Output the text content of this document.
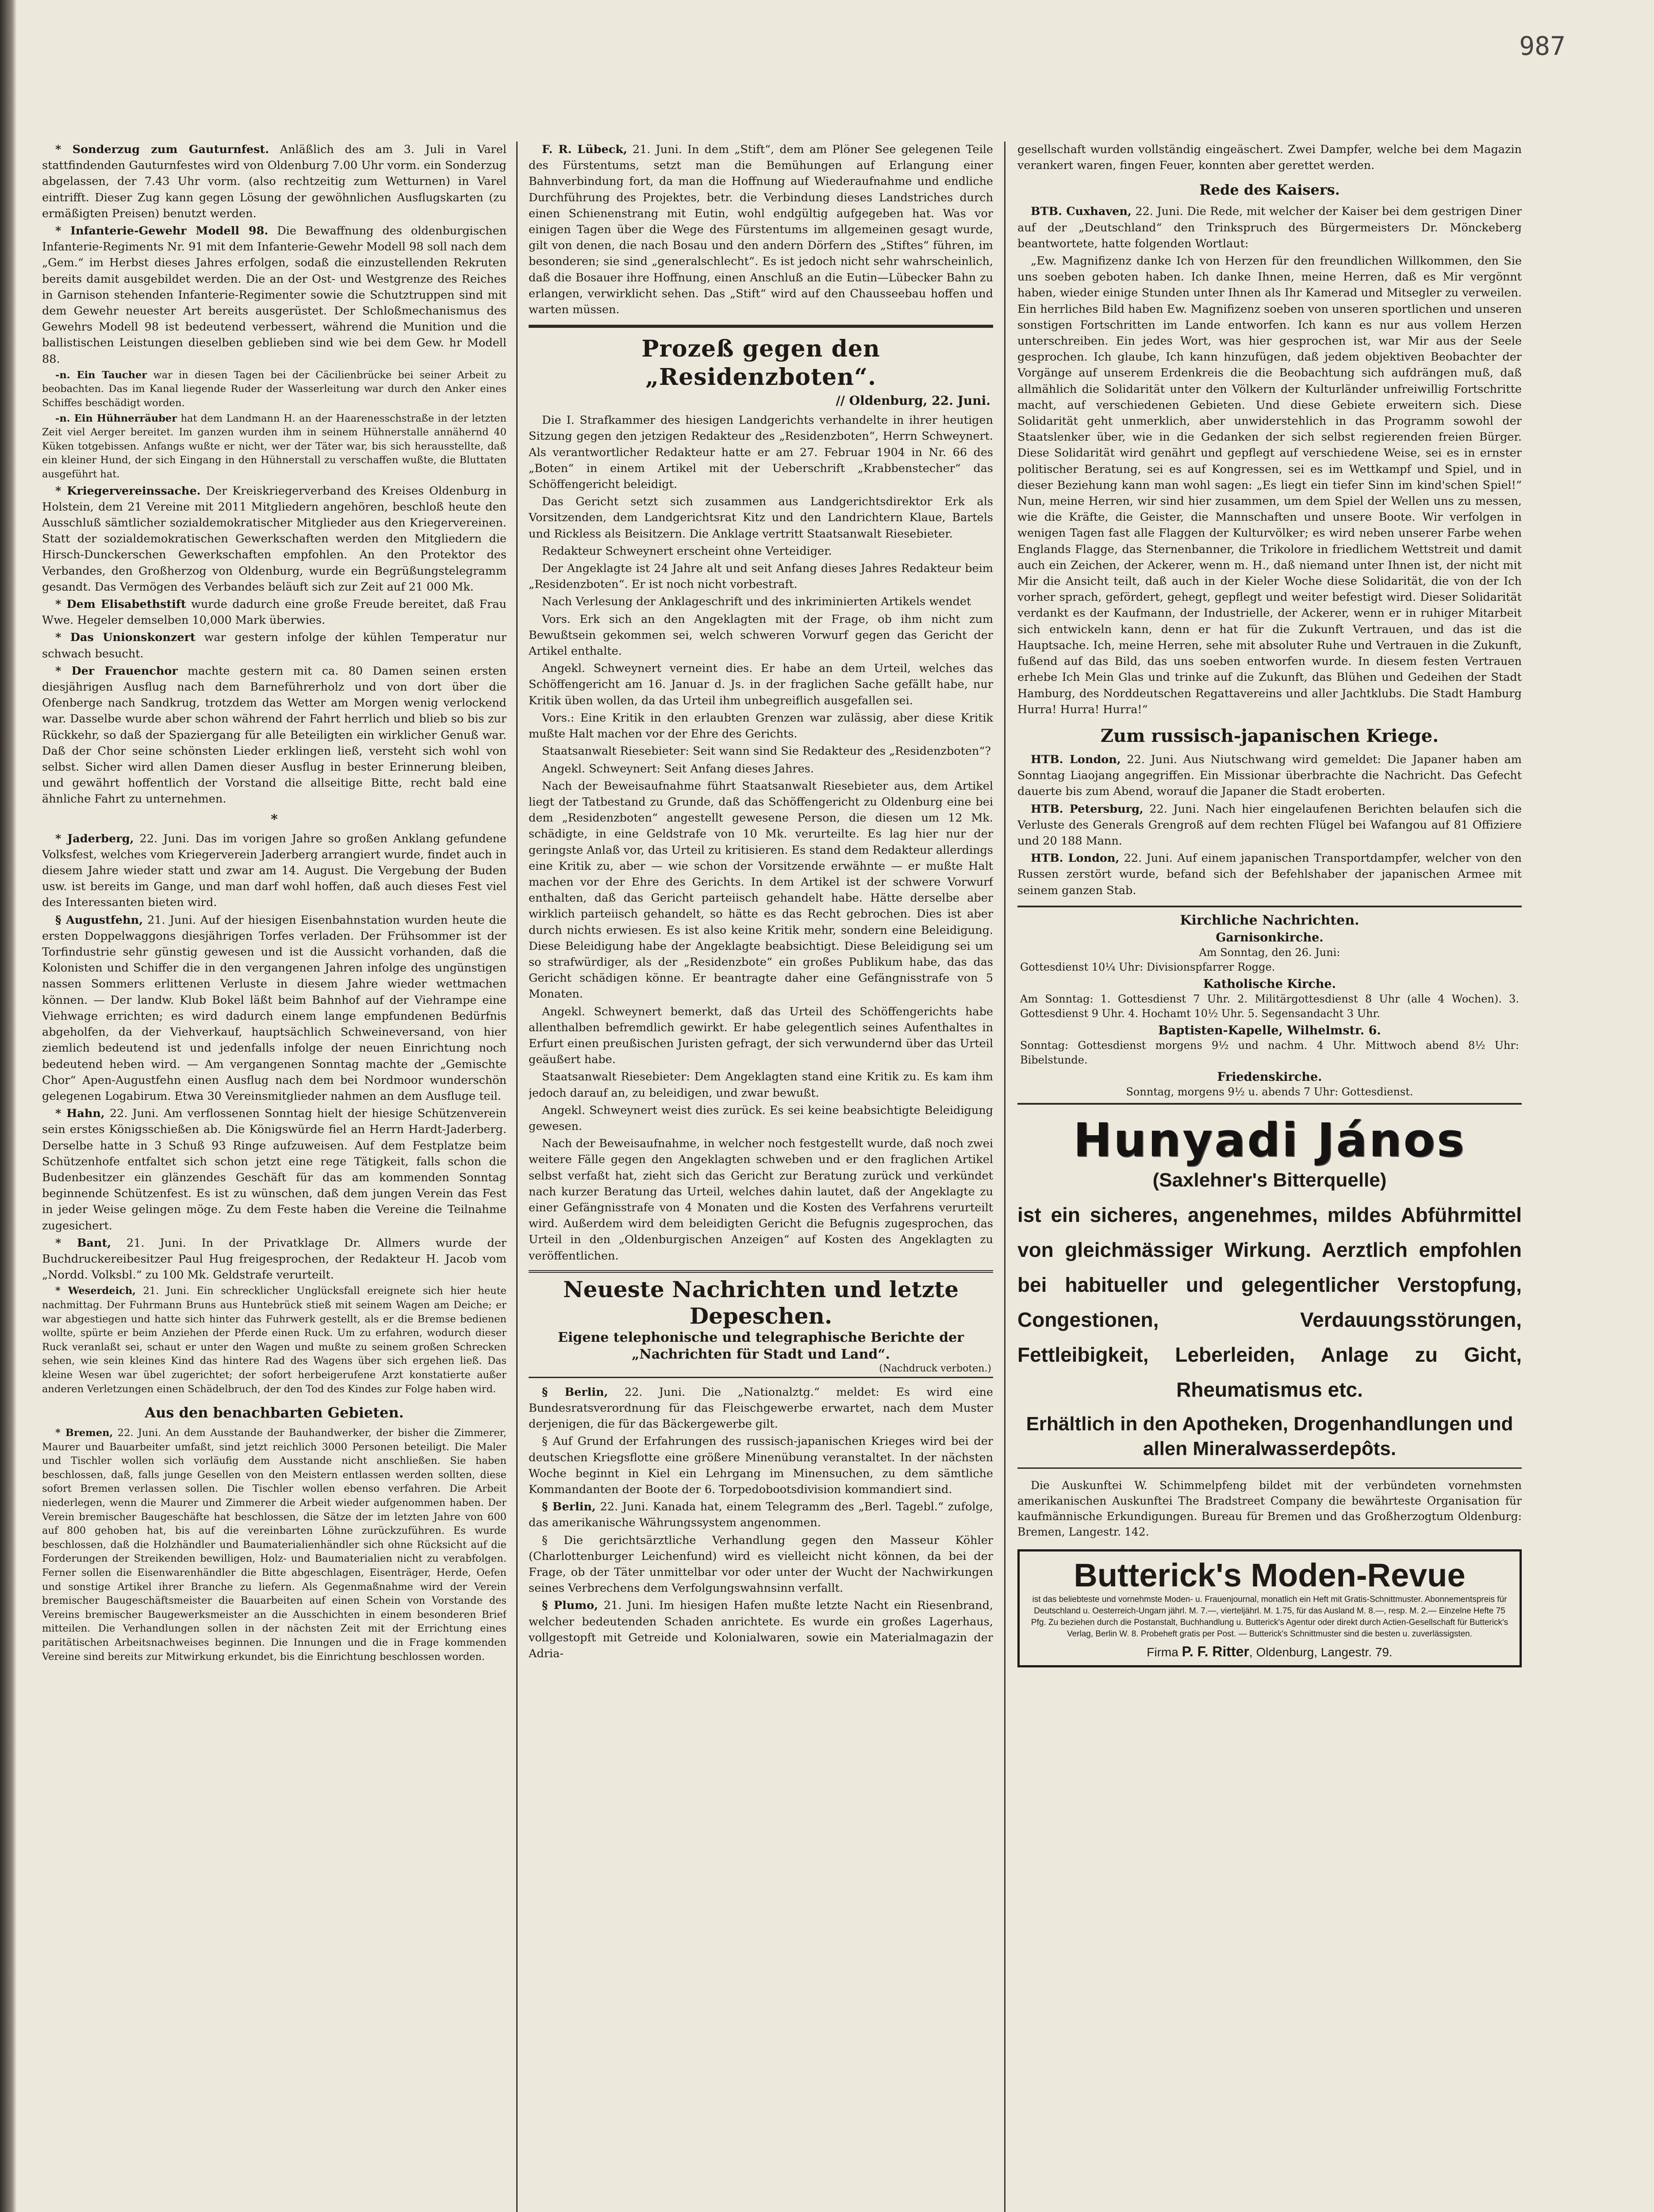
987

* Sonderzug zum Gauturnfest. Anläßlich des am 3. Juli in Varel stattfindenden Gauturnfestes wird von Oldenburg 7.00 Uhr vorm. ein Sonderzug abgelassen, der 7.43 Uhr vorm. (also rechtzeitig zum Wetturnen) in Varel eintrifft. Dieser Zug kann gegen Lösung der gewöhnlichen Ausflugskarten (zu ermäßigten Preisen) benutzt werden.

* Infanterie-Gewehr Modell 98. Die Bewaffnung des oldenburgischen Infanterie-Regiments Nr. 91 mit dem Infanterie-Gewehr Modell 98 soll nach dem „Gem.“ im Herbst dieses Jahres erfolgen, sodaß die einzustellenden Rekruten bereits damit ausgebildet werden. Die an der Ost- und Westgrenze des Reiches in Garnison stehenden Infanterie-Regimenter sowie die Schutztruppen sind mit dem Gewehr neuester Art bereits ausgerüstet. Der Schloßmechanismus des Gewehrs Modell 98 ist bedeutend verbessert, während die Munition und die ballistischen Leistungen dieselben geblieben sind wie bei dem Gew. hr Modell 88.

-n. Ein Taucher war in diesen Tagen bei der Cäcilienbrücke bei seiner Arbeit zu beobachten. Das im Kanal liegende Ruder der Wasserleitung war durch den Anker eines Schiffes beschädigt worden.

-n. Ein Hühnerräuber hat dem Landmann H. an der Haarenesschstraße in der letzten Zeit viel Aerger bereitet. Im ganzen wurden ihm in seinem Hühnerstalle annähernd 40 Küken totgebissen. Anfangs wußte er nicht, wer der Täter war, bis sich herausstellte, daß ein kleiner Hund, der sich Eingang in den Hühnerstall zu verschaffen wußte, die Bluttaten ausgeführt hat.

* Kriegervereinssache. Der Kreiskriegerverband des Kreises Oldenburg in Holstein, dem 21 Vereine mit 2011 Mitgliedern angehören, beschloß heute den Ausschluß sämtlicher sozialdemokratischer Mitglieder aus den Kriegervereinen. Statt der sozialdemokratischen Gewerkschaften werden den Mitgliedern die Hirsch-Dunckerschen Gewerkschaften empfohlen. An den Protektor des Verbandes, den Großherzog von Oldenburg, wurde ein Begrüßungstelegramm gesandt. Das Vermögen des Verbandes beläuft sich zur Zeit auf 21 000 Mk.

* Dem Elisabethstift wurde dadurch eine große Freude bereitet, daß Frau Wwe. Hegeler demselben 10,000 Mark überwies.

* Das Unionskonzert war gestern infolge der kühlen Temperatur nur schwach besucht.

* Der Frauenchor machte gestern mit ca. 80 Damen seinen ersten diesjährigen Ausflug nach dem Barneführerholz und von dort über die Ofenberge nach Sandkrug, trotzdem das Wetter am Morgen wenig verlockend war. Dasselbe wurde aber schon während der Fahrt herrlich und blieb so bis zur Rückkehr, so daß der Spaziergang für alle Beteiligten ein wirklicher Genuß war. Daß der Chor seine schönsten Lieder erklingen ließ, versteht sich wohl von selbst. Sicher wird allen Damen dieser Ausflug in bester Erinnerung bleiben, und gewährt hoffentlich der Vorstand die allseitige Bitte, recht bald eine ähnliche Fahrt zu unternehmen.

*

* Jaderberg, 22. Juni. Das im vorigen Jahre so großen Anklang gefundene Volksfest, welches vom Kriegerverein Jaderberg arrangiert wurde, findet auch in diesem Jahre wieder statt und zwar am 14. August. Die Vergebung der Buden usw. ist bereits im Gange, und man darf wohl hoffen, daß auch dieses Fest viel des Interessanten bieten wird.

§ Augustfehn, 21. Juni. Auf der hiesigen Eisenbahnstation wurden heute die ersten Doppelwaggons diesjährigen Torfes verladen. Der Frühsommer ist der Torfindustrie sehr günstig gewesen und ist die Aussicht vorhanden, daß die Kolonisten und Schiffer die in den vergangenen Jahren infolge des ungünstigen nassen Sommers erlittenen Verluste in diesem Jahre wieder wettmachen können. — Der landw. Klub Bokel läßt beim Bahnhof auf der Viehrampe eine Viehwage errichten; es wird dadurch einem lange empfundenen Bedürfnis abgeholfen, da der Viehverkauf, hauptsächlich Schweineversand, von hier ziemlich bedeutend ist und jedenfalls infolge der neuen Einrichtung noch bedeutend heben wird. — Am vergangenen Sonntag machte der „Gemischte Chor“ Apen-Augustfehn einen Ausflug nach dem bei Nordmoor wunderschön gelegenen Logabirum. Etwa 30 Vereinsmitglieder nahmen an dem Ausfluge teil.

* Hahn, 22. Juni. Am verflossenen Sonntag hielt der hiesige Schützenverein sein erstes Königsschießen ab. Die Königswürde fiel an Herrn Hardt-Jaderberg. Derselbe hatte in 3 Schuß 93 Ringe aufzuweisen. Auf dem Festplatze beim Schützenhofe entfaltet sich schon jetzt eine rege Tätigkeit, falls schon die Budenbesitzer ein glänzendes Geschäft für das am kommenden Sonntag beginnende Schützenfest. Es ist zu wünschen, daß dem jungen Verein das Fest in jeder Weise gelingen möge. Zu dem Feste haben die Vereine die Teilnahme zugesichert.

* Bant, 21. Juni. In der Privatklage Dr. Allmers wurde der Buchdruckereibesitzer Paul Hug freigesprochen, der Redakteur H. Jacob vom „Nordd. Volksbl.“ zu 100 Mk. Geldstrafe verurteilt.

* Weserdeich, 21. Juni. Ein schrecklicher Unglücksfall ereignete sich hier heute nachmittag. Der Fuhrmann Bruns aus Huntebrück stieß mit seinem Wagen am Deiche; er war abgestiegen und hatte sich hinter das Fuhrwerk gestellt, als er die Bremse bedienen wollte, spürte er beim Anziehen der Pferde einen Ruck. Um zu erfahren, wodurch dieser Ruck veranlaßt sei, schaut er unter den Wagen und mußte zu seinem großen Schrecken sehen, wie sein kleines Kind das hintere Rad des Wagens über sich ergehen ließ. Das kleine Wesen war übel zugerichtet; der sofort herbeigerufene Arzt konstatierte außer anderen Verletzungen einen Schädelbruch, der den Tod des Kindes zur Folge haben wird.

Aus den benachbarten Gebieten.

* Bremen, 22. Juni. An dem Ausstande der Bauhandwerker, der bisher die Zimmerer, Maurer und Bauarbeiter umfaßt, sind jetzt reichlich 3000 Personen beteiligt. Die Maler und Tischler wollen sich vorläufig dem Ausstande nicht anschließen. Sie haben beschlossen, daß, falls junge Gesellen von den Meistern entlassen werden sollten, diese sofort Bremen verlassen sollen. Die Tischler wollen ebenso verfahren. Die Arbeit niederlegen, wenn die Maurer und Zimmerer die Arbeit wieder aufgenommen haben. Der Verein bremischer Baugeschäfte hat beschlossen, die Sätze der im letzten Jahre von 600 auf 800 gehoben hat, bis auf die vereinbarten Löhne zurückzuführen. Es wurde beschlossen, daß die Holzhändler und Baumaterialienhändler sich ohne Rücksicht auf die Forderungen der Streikenden bewilligen, Holz- und Baumaterialien nicht zu verabfolgen. Ferner sollen die Eisenwarenhändler die Bitte abgeschlagen, Eisenträger, Herde, Oefen und sonstige Artikel ihrer Branche zu liefern. Als Gegenmaßnahme wird der Verein bremischer Baugeschäftsmeister die Bauarbeiten auf einen Schein von Vorstande des Vereins bremischer Baugewerksmeister an die Ausschichten in einem besonderen Brief mitteilen. Die Verhandlungen sollen in der nächsten Zeit mit der Errichtung eines paritätischen Arbeitsnachweises beginnen. Die Innungen und die in Frage kommenden Vereine sind bereits zur Mitwirkung erkundet, bis die Einrichtung beschlossen worden.

F. R. Lübeck, 21. Juni. In dem „Stift“, dem am Plöner See gelegenen Teile des Fürstentums, setzt man die Bemühungen auf Erlangung einer Bahnverbindung fort, da man die Hoffnung auf Wiederaufnahme und endliche Durchführung des Projektes, betr. die Verbindung dieses Landstriches durch einen Schienenstrang mit Eutin, wohl endgültig aufgegeben hat. Was vor einigen Tagen über die Wege des Fürstentums im allgemeinen gesagt wurde, gilt von denen, die nach Bosau und den andern Dörfern des „Stiftes“ führen, im besonderen; sie sind „generalschlecht“. Es ist jedoch nicht sehr wahrscheinlich, daß die Bosauer ihre Hoffnung, einen Anschluß an die Eutin—Lübecker Bahn zu erlangen, verwirklicht sehen. Das „Stift“ wird auf den Chausseebau hoffen und warten müssen.

Prozeß gegen den „Residenzboten“.
// Oldenburg, 22. Juni.

Die I. Strafkammer des hiesigen Landgerichts verhandelte in ihrer heutigen Sitzung gegen den jetzigen Redakteur des „Residenzboten“, Herrn Schweynert. Als verantwortlicher Redakteur hatte er am 27. Februar 1904 in Nr. 66 des „Boten“ in einem Artikel mit der Ueberschrift „Krabbenstecher“ das Schöffengericht beleidigt.

Das Gericht setzt sich zusammen aus Landgerichtsdirektor Erk als Vorsitzenden, dem Landgerichtsrat Kitz und den Landrichtern Klaue, Bartels und Rickless als Beisitzern. Die Anklage vertritt Staatsanwalt Riesebieter.

Redakteur Schweynert erscheint ohne Verteidiger.

Der Angeklagte ist 24 Jahre alt und seit Anfang dieses Jahres Redakteur beim „Residenzboten“. Er ist noch nicht vorbestraft.

Nach Verlesung der Anklageschrift und des inkriminierten Artikels wendet

Vors. Erk sich an den Angeklagten mit der Frage, ob ihm nicht zum Bewußtsein gekommen sei, welch schweren Vorwurf gegen das Gericht der Artikel enthalte.

Angekl. Schweynert verneint dies. Er habe an dem Urteil, welches das Schöffengericht am 16. Januar d. Js. in der fraglichen Sache gefällt habe, nur Kritik üben wollen, da das Urteil ihm unbegreiflich ausgefallen sei.

Vors.: Eine Kritik in den erlaubten Grenzen war zulässig, aber diese Kritik mußte Halt machen vor der Ehre des Gerichts.

Staatsanwalt Riesebieter: Seit wann sind Sie Redakteur des „Residenzboten“?

Angekl. Schweynert: Seit Anfang dieses Jahres.

Nach der Beweisaufnahme führt Staatsanwalt Riesebieter aus, dem Artikel liegt der Tatbestand zu Grunde, daß das Schöffengericht zu Oldenburg eine bei dem „Residenzboten“ angestellt gewesene Person, die diesen um 12 Mk. schädigte, in eine Geldstrafe von 10 Mk. verurteilte. Es lag hier nur der geringste Anlaß vor, das Urteil zu kritisieren. Es stand dem Redakteur allerdings eine Kritik zu, aber — wie schon der Vorsitzende erwähnte — er mußte Halt machen vor der Ehre des Gerichts. In dem Artikel ist der schwere Vorwurf enthalten, daß das Gericht parteiisch gehandelt habe. Hätte derselbe aber wirklich parteiisch gehandelt, so hätte es das Recht gebrochen. Dies ist aber durch nichts erwiesen. Es ist also keine Kritik mehr, sondern eine Beleidigung. Diese Beleidigung habe der Angeklagte beabsichtigt. Diese Beleidigung sei um so strafwürdiger, als der „Residenzbote“ ein großes Publikum habe, das das Gericht schädigen könne. Er beantragte daher eine Gefängnisstrafe von 5 Monaten.

Angekl. Schweynert bemerkt, daß das Urteil des Schöffengerichts habe allenthalben befremdlich gewirkt. Er habe gelegentlich seines Aufenthaltes in Erfurt einen preußischen Juristen gefragt, der sich verwundernd über das Urteil geäußert habe.

Staatsanwalt Riesebieter: Dem Angeklagten stand eine Kritik zu. Es kam ihm jedoch darauf an, zu beleidigen, und zwar bewußt.

Angekl. Schweynert weist dies zurück. Es sei keine beabsichtigte Beleidigung gewesen.

Nach der Beweisaufnahme, in welcher noch festgestellt wurde, daß noch zwei weitere Fälle gegen den Angeklagten schweben und er den fraglichen Artikel selbst verfaßt hat, zieht sich das Gericht zur Beratung zurück und verkündet nach kurzer Beratung das Urteil, welches dahin lautet, daß der Angeklagte zu einer Gefängnisstrafe von 4 Monaten und die Kosten des Verfahrens verurteilt wird. Außerdem wird dem beleidigten Gericht die Befugnis zugesprochen, das Urteil in den „Oldenburgischen Anzeigen“ auf Kosten des Angeklagten zu veröffentlichen.

Neueste Nachrichten und letzte Depeschen.
Eigene telephonische und telegraphische Berichte der „Nachrichten für Stadt und Land“.
(Nachdruck verboten.)

§ Berlin, 22. Juni. Die „Nationalztg.“ meldet: Es wird eine Bundesratsverordnung für das Fleischgewerbe erwartet, nach dem Muster derjenigen, die für das Bäckergewerbe gilt.

§ Auf Grund der Erfahrungen des russisch-japanischen Krieges wird bei der deutschen Kriegsflotte eine größere Minenübung veranstaltet. In der nächsten Woche beginnt in Kiel ein Lehrgang im Minensuchen, zu dem sämtliche Kommandanten der Boote der 6. Torpedobootsdivision kommandiert sind.

§ Berlin, 22. Juni. Kanada hat, einem Telegramm des „Berl. Tagebl.“ zufolge, das amerikanische Währungssystem angenommen.

§ Die gerichtsärztliche Verhandlung gegen den Masseur Köhler (Charlottenburger Leichenfund) wird es vielleicht nicht können, da bei der Frage, ob der Täter unmittelbar vor oder unter der Wucht der Nachwirkungen seines Verbrechens dem Verfolgungswahnsinn verfallt.

§ Plumo, 21. Juni. Im hiesigen Hafen mußte letzte Nacht ein Riesenbrand, welcher bedeutenden Schaden anrichtete. Es wurde ein großes Lagerhaus, vollgestopft mit Getreide und Kolonialwaren, sowie ein Materialmagazin der Adria-

gesellschaft wurden vollständig eingeäschert. Zwei Dampfer, welche bei dem Magazin verankert waren, fingen Feuer, konnten aber gerettet werden.

Rede des Kaisers.

BTB. Cuxhaven, 22. Juni. Die Rede, mit welcher der Kaiser bei dem gestrigen Diner auf der „Deutschland“ den Trinkspruch des Bürgermeisters Dr. Mönckeberg beantwortete, hatte folgenden Wortlaut:

„Ew. Magnifizenz danke Ich von Herzen für den freundlichen Willkommen, den Sie uns soeben geboten haben. Ich danke Ihnen, meine Herren, daß es Mir vergönnt haben, wieder einige Stunden unter Ihnen als Ihr Kamerad und Mitsegler zu verweilen. Ein herrliches Bild haben Ew. Magnifizenz soeben von unseren sportlichen und unseren sonstigen Fortschritten im Lande entworfen. Ich kann es nur aus vollem Herzen unterschreiben. Ein jedes Wort, was hier gesprochen ist, war Mir aus der Seele gesprochen. Ich glaube, Ich kann hinzufügen, daß jedem objektiven Beobachter der Vorgänge auf unserem Erdenkreis die die Beobachtung sich aufdrängen muß, daß allmählich die Solidarität unter den Völkern der Kulturländer unfreiwillig Fortschritte macht, auf verschiedenen Gebieten. Und diese Gebiete erweitern sich. Diese Solidarität geht unmerklich, aber unwiderstehlich in das Programm sowohl der Staatslenker über, wie in die Gedanken der sich selbst regierenden freien Bürger. Diese Solidarität wird genährt und gepflegt auf verschiedene Weise, sei es in ernster politischer Beratung, sei es auf Kongressen, sei es im Wettkampf und Spiel, und in dieser Beziehung kann man wohl sagen: „Es liegt ein tiefer Sinn im kind'schen Spiel!“ Nun, meine Herren, wir sind hier zusammen, um dem Spiel der Wellen uns zu messen, wie die Kräfte, die Geister, die Mannschaften und unsere Boote. Wir verfolgen in wenigen Tagen fast alle Flaggen der Kulturvölker; es wird neben unserer Farbe wehen Englands Flagge, das Sternenbanner, die Trikolore in friedlichem Wettstreit und damit auch ein Zeichen, der Ackerer, wenn m. H., daß niemand unter Ihnen ist, der nicht mit Mir die Ansicht teilt, daß auch in der Kieler Woche diese Solidarität, die von der Ich vorher sprach, gefördert, gehegt, gepflegt und weiter befestigt wird. Dieser Solidarität verdankt es der Kaufmann, der Industrielle, der Ackerer, wenn er in ruhiger Mitarbeit sich entwickeln kann, denn er hat für die Zukunft Vertrauen, und das ist die Hauptsache. Ich, meine Herren, sehe mit absoluter Ruhe und Vertrauen in die Zukunft, fußend auf das Bild, das uns soeben entworfen wurde. In diesem festen Vertrauen erhebe Ich Mein Glas und trinke auf die Zukunft, das Blühen und Gedeihen der Stadt Hamburg, des Norddeutschen Regattavereins und aller Jachtklubs. Die Stadt Hamburg Hurra! Hurra! Hurra!“

Zum russisch-japanischen Kriege.

HTB. London, 22. Juni. Aus Niutschwang wird gemeldet: Die Japaner haben am Sonntag Liaojang angegriffen. Ein Missionar überbrachte die Nachricht. Das Gefecht dauerte bis zum Abend, worauf die Japaner die Stadt eroberten.

HTB. Petersburg, 22. Juni. Nach hier eingelaufenen Berichten belaufen sich die Verluste des Generals Grengroß auf dem rechten Flügel bei Wafangou auf 81 Offiziere und 20 188 Mann.

HTB. London, 22. Juni. Auf einem japanischen Transportdampfer, welcher von den Russen zerstört wurde, befand sich der Befehlshaber der japanischen Armee mit seinem ganzen Stab.

Kirchliche Nachrichten.
Garnisonkirche.
Am Sonntag, den 26. Juni:
Gottesdienst 10¼ Uhr: Divisionspfarrer Rogge.
Katholische Kirche.
Am Sonntag: 1. Gottesdienst 7 Uhr. 2. Militärgottesdienst 8 Uhr (alle 4 Wochen). 3. Gottesdienst 9 Uhr. 4. Hochamt 10½ Uhr. 5. Segensandacht 3 Uhr.
Baptisten-Kapelle, Wilhelmstr. 6.
Sonntag: Gottesdienst morgens 9½ und nachm. 4 Uhr. Mittwoch abend 8½ Uhr: Bibelstunde.
Friedenskirche.
Sonntag, morgens 9½ u. abends 7 Uhr: Gottesdienst.
Hunyadi János
(Saxlehner's Bitterquelle)
ist ein sicheres, angenehmes, mildes Abführmittel von gleichmässiger Wirkung. Aerztlich empfohlen bei habitueller und gelegentlicher Verstopfung, Congestionen, Verdauungsstörungen, Fettleibigkeit, Leberleiden, Anlage zu Gicht, Rheumatismus etc.
Erhältlich in den Apotheken, Drogenhandlungen und allen Mineralwasserdepôts.
Die Auskunftei W. Schimmelpfeng bildet mit der verbündeten vornehmsten amerikanischen Auskunftei The Bradstreet Company die bewährteste Organisation für kaufmännische Erkundigungen. Bureau für Bremen und das Großherzogtum Oldenburg: Bremen, Langestr. 142.
Butterick's Moden-Revue
ist das beliebteste und vornehmste Moden- u. Frauenjournal, monatlich ein Heft mit Gratis-Schnittmuster. Abonnementspreis für Deutschland u. Oesterreich-Ungarn jährl. M. 7.—, vierteljährl. M. 1.75, für das Ausland M. 8.—, resp. M. 2.— Einzelne Hefte 75 Pfg. Zu beziehen durch die Postanstalt, Buchhandlung u. Butterick's Agentur oder direkt durch Actien-Gesellschaft für Butterick's Verlag, Berlin W. 8. Probeheft gratis per Post. — Butterick's Schnittmuster sind die besten u. zuverlässigsten.
Firma P. F. Ritter, Oldenburg, Langestr. 79.
